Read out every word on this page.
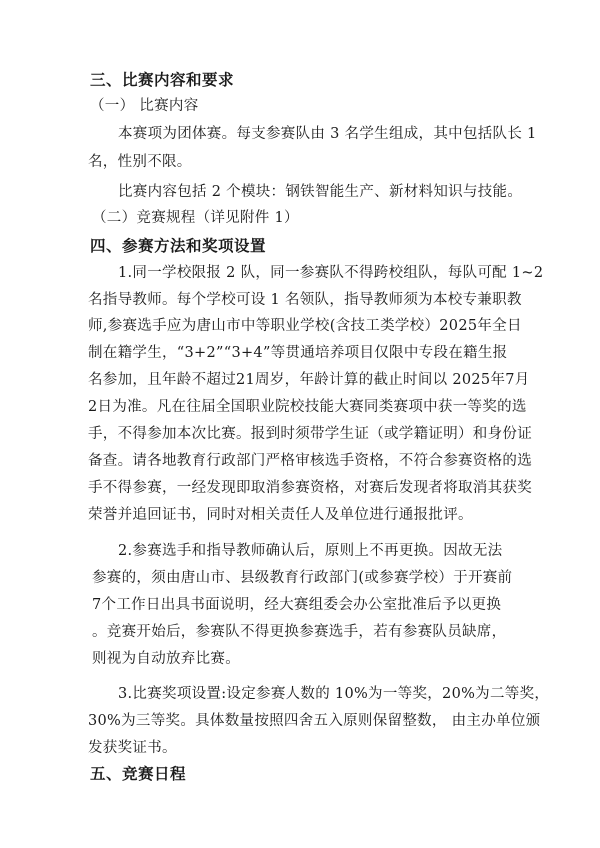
三、比赛内容和要求
（一） 比赛内容
本赛项为团体赛。每支参赛队由 3 名学生组成，其中包括队长 1
名，性别不限。
比赛内容包括 2 个模块：钢铁智能生产、新材料知识与技能。
（二）竞赛规程（详见附件 1）
四、参赛方法和奖项设置
1.同一学校限报 2 队，同一参赛队不得跨校组队，每队可配 1~2
名指导教师。每个学校可设 1 名领队，指导教师须为本校专兼职教
师,参赛选手应为唐山市中等职业学校(含技工类学校）2025年全日
制在籍学生，“3+2”“3+4”等贯通培养项目仅限中专段在籍生报
名参加，且年龄不超过21周岁，年龄计算的截止时间以 2025年7月
2日为准。凡在往届全国职业院校技能大赛同类赛项中获一等奖的选
手，不得参加本次比赛。报到时须带学生证（或学籍证明）和身份证
备查。请各地教育行政部门严格审核选手资格，不符合参赛资格的选
手不得参赛，一经发现即取消参赛资格，对赛后发现者将取消其获奖
荣誉并追回证书，同时对相关责任人及单位进行通报批评。
2.参赛选手和指导教师确认后，原则上不再更换。因故无法
参赛的，须由唐山市、县级教育行政部门(或参赛学校）于开赛前
7个工作日出具书面说明，经大赛组委会办公室批准后予以更换
。竞赛开始后，参赛队不得更换参赛选手，若有参赛队员缺席，
则视为自动放弃比赛。
3.比赛奖项设置:设定参赛人数的 10%为一等奖，20%为二等奖，
30%为三等奖。具体数量按照四舍五入原则保留整数， 由主办单位颁
发获奖证书。
五、竞赛日程
